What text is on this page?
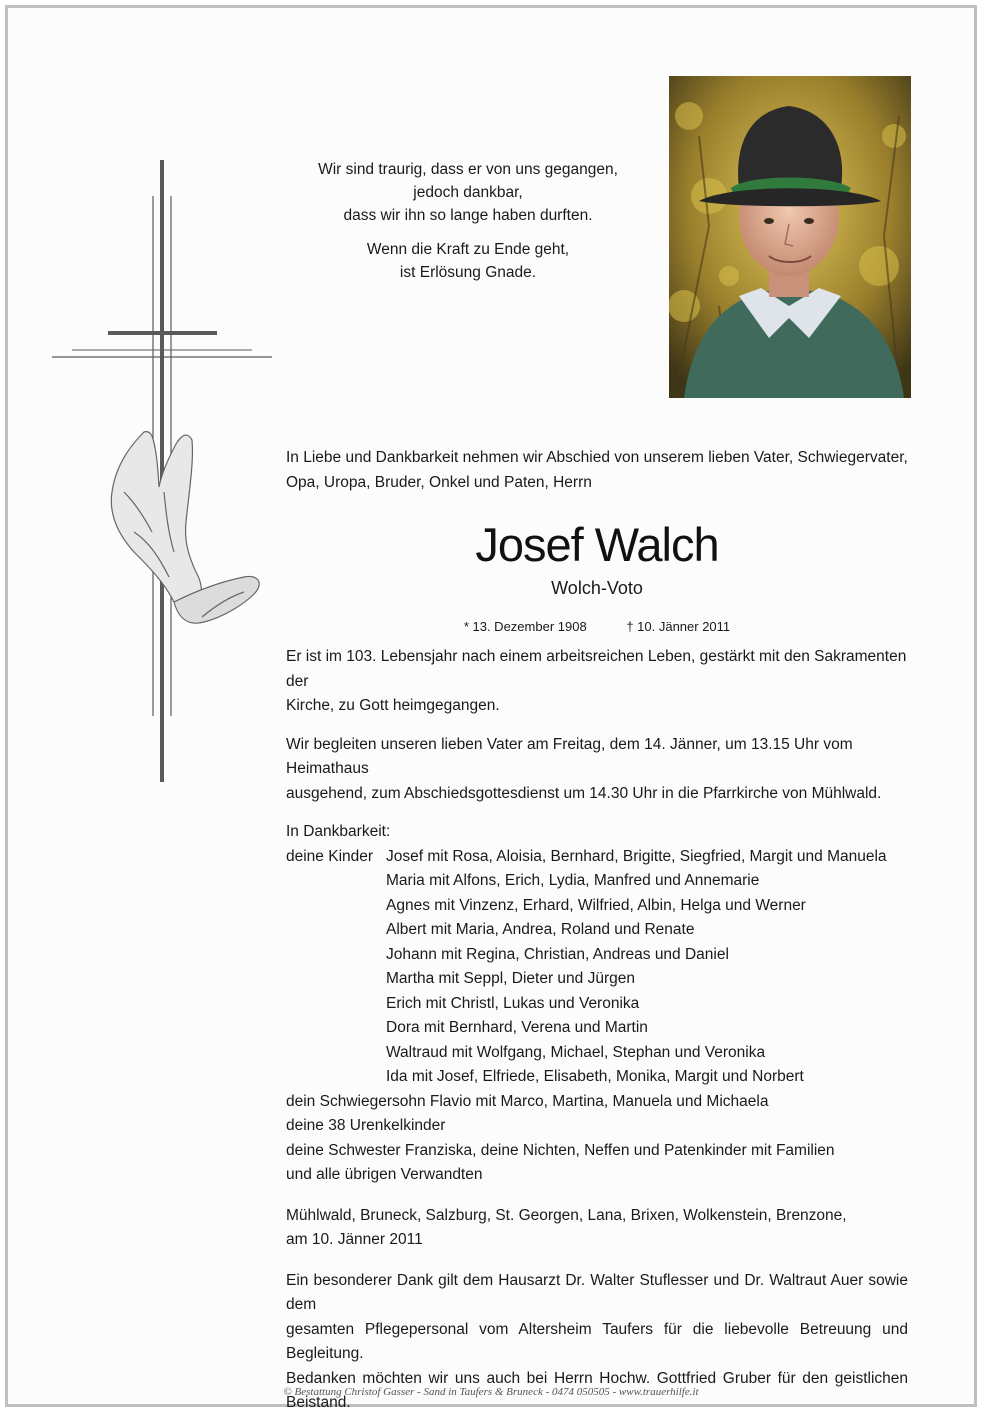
Wir sind traurig, dass er von uns gegangen,
jedoch dankbar,
dass wir ihn so lange haben durften.
Wenn die Kraft zu Ende geht,
ist Erlösung Gnade.
In Liebe und Dankbarkeit nehmen wir Abschied von unserem lieben Vater, Schwiegervater,
Opa, Uropa, Bruder, Onkel und Paten, Herrn
Josef Walch
Wolch-Voto
* 13. Dezember 1908	† 10. Jänner 2011
Er ist im 103. Lebensjahr nach einem arbeitsreichen Leben, gestärkt mit den Sakramenten der
Kirche, zu Gott heimgegangen.
Wir begleiten unseren lieben Vater am Freitag, dem 14. Jänner, um 13.15 Uhr vom Heimathaus
ausgehend, zum Abschiedsgottesdienst um 14.30 Uhr in die Pfarrkirche von Mühlwald.
In Dankbarkeit:
deine Kinder Josef mit Rosa, Aloisia, Bernhard, Brigitte, Siegfried, Margit und Manuela
Maria mit Alfons, Erich, Lydia, Manfred und Annemarie
Agnes mit Vinzenz, Erhard, Wilfried, Albin, Helga und Werner
Albert mit Maria, Andrea, Roland und Renate
Johann mit Regina, Christian, Andreas und Daniel
Martha mit Seppl, Dieter und Jürgen
Erich mit Christl, Lukas und Veronika
Dora mit Bernhard, Verena und Martin
Waltraud mit Wolfgang, Michael, Stephan und Veronika
Ida mit Josef, Elfriede, Elisabeth, Monika, Margit und Norbert
dein Schwiegersohn Flavio mit Marco, Martina, Manuela und Michaela
deine 38 Urenkelkinder
deine Schwester Franziska, deine Nichten, Neffen und Patenkinder mit Familien
und alle übrigen Verwandten
Mühlwald, Bruneck, Salzburg, St. Georgen, Lana, Brixen, Wolkenstein, Brenzone,
am 10. Jänner 2011
Ein besonderer Dank gilt dem Hausarzt Dr. Walter Stuflesser und Dr. Waltraut Auer sowie dem
gesamten Pflegepersonal vom Altersheim Taufers für die liebevolle Betreuung und Begleitung.
Bedanken möchten wir uns auch bei Herrn Hochw. Gottfried Gruber für den geistlichen Beistand.
© Bestattung Christof Gasser - Sand in Taufers & Bruneck - 0474 050505 - www.trauerhilfe.it
